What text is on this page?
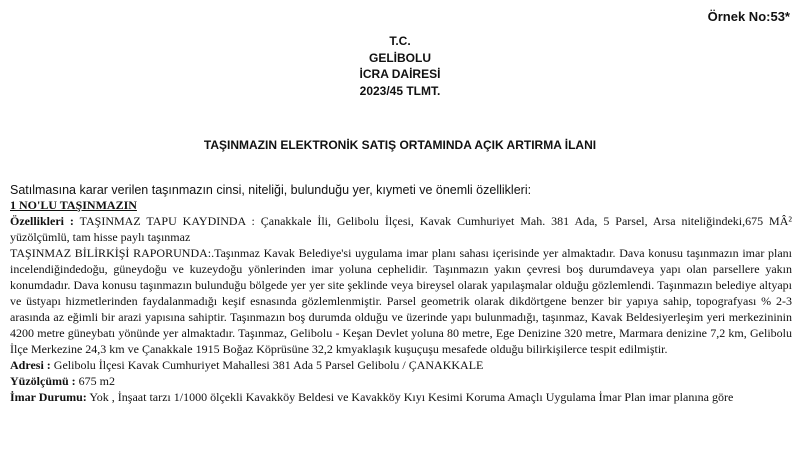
Örnek No:53*
T.C.
GELİBOLU
İCRA DAİRESİ
2023/45 TLMT.
TAŞINMAZIN ELEKTRONİK SATIŞ ORTAMINDA AÇIK ARTIRMA İLANI
Satılmasına karar verilen taşınmazın cinsi, niteliği, bulunduğu yer, kıymeti ve önemli özellikleri:
1 NO'LU TAŞINMAZIN
Özellikleri : TAŞINMAZ TAPU KAYDINDA : Çanakkale İli, Gelibolu İlçesi, Kavak Cumhuriyet Mah. 381 Ada, 5 Parsel, Arsa niteliğindeki,675 MÂ² yüzölçümlü, tam hisse paylı taşınmaz
TAŞINMAZ BİLİRKİŞİ RAPORUNDA:.Taşınmaz Kavak Belediye'si uygulama imar planı sahası içerisinde yer almaktadır. Dava konusu taşınmazın imar planı incelendiğindedoğu, güneydoğu ve kuzeydoğu yönlerinden imar yoluna cephelidir. Taşınmazın yakın çevresi boş durumdaveya yapı olan parsellere yakın konumdadır. Dava konusu taşınmazın bulunduğu bölgede yer yer site şeklinde veya bireysel olarak yapılaşmalar olduğu gözlemlendi. Taşınmazın belediye altyapı ve üstyapı hizmetlerinden faydalanmadığı keşif esnasında gözlemlenmiştir. Parsel geometrik olarak dikdörtgene benzer bir yapıya sahip, topografyası % 2-3 arasında az eğimli bir arazi yapısına sahiptir. Taşınmazın boş durumda olduğu ve üzerinde yapı bulunmadığı, taşınmaz, Kavak Beldesiyerleşim yeri merkezininin 4200 metre güneybatı yönünde yer almaktadır. Taşınmaz, Gelibolu - Keşan Devlet yoluna 80 metre, Ege Denizine 320 metre, Marmara denizine 7,2 km, Gelibolu İlçe Merkezine 24,3 km ve Çanakkale 1915 Boğaz Köprüsüne 32,2 kmyaklaşık kuşuçuşu mesafede olduğu bilirkişilerce tespit edilmiştir.
Adresi : Gelibolu İlçesi Kavak Cumhuriyet Mahallesi 381 Ada 5 Parsel Gelibolu / ÇANAKKALE
Yüzölçümü : 675 m2
İmar Durumu: Yok , İnşaat tarzı 1/1000 ölçekli Kavakköy Beldesi ve Kavakköy Kıyı Kesimi Koruma Amaçlı Uygulama İmar Plan imar planına göre
